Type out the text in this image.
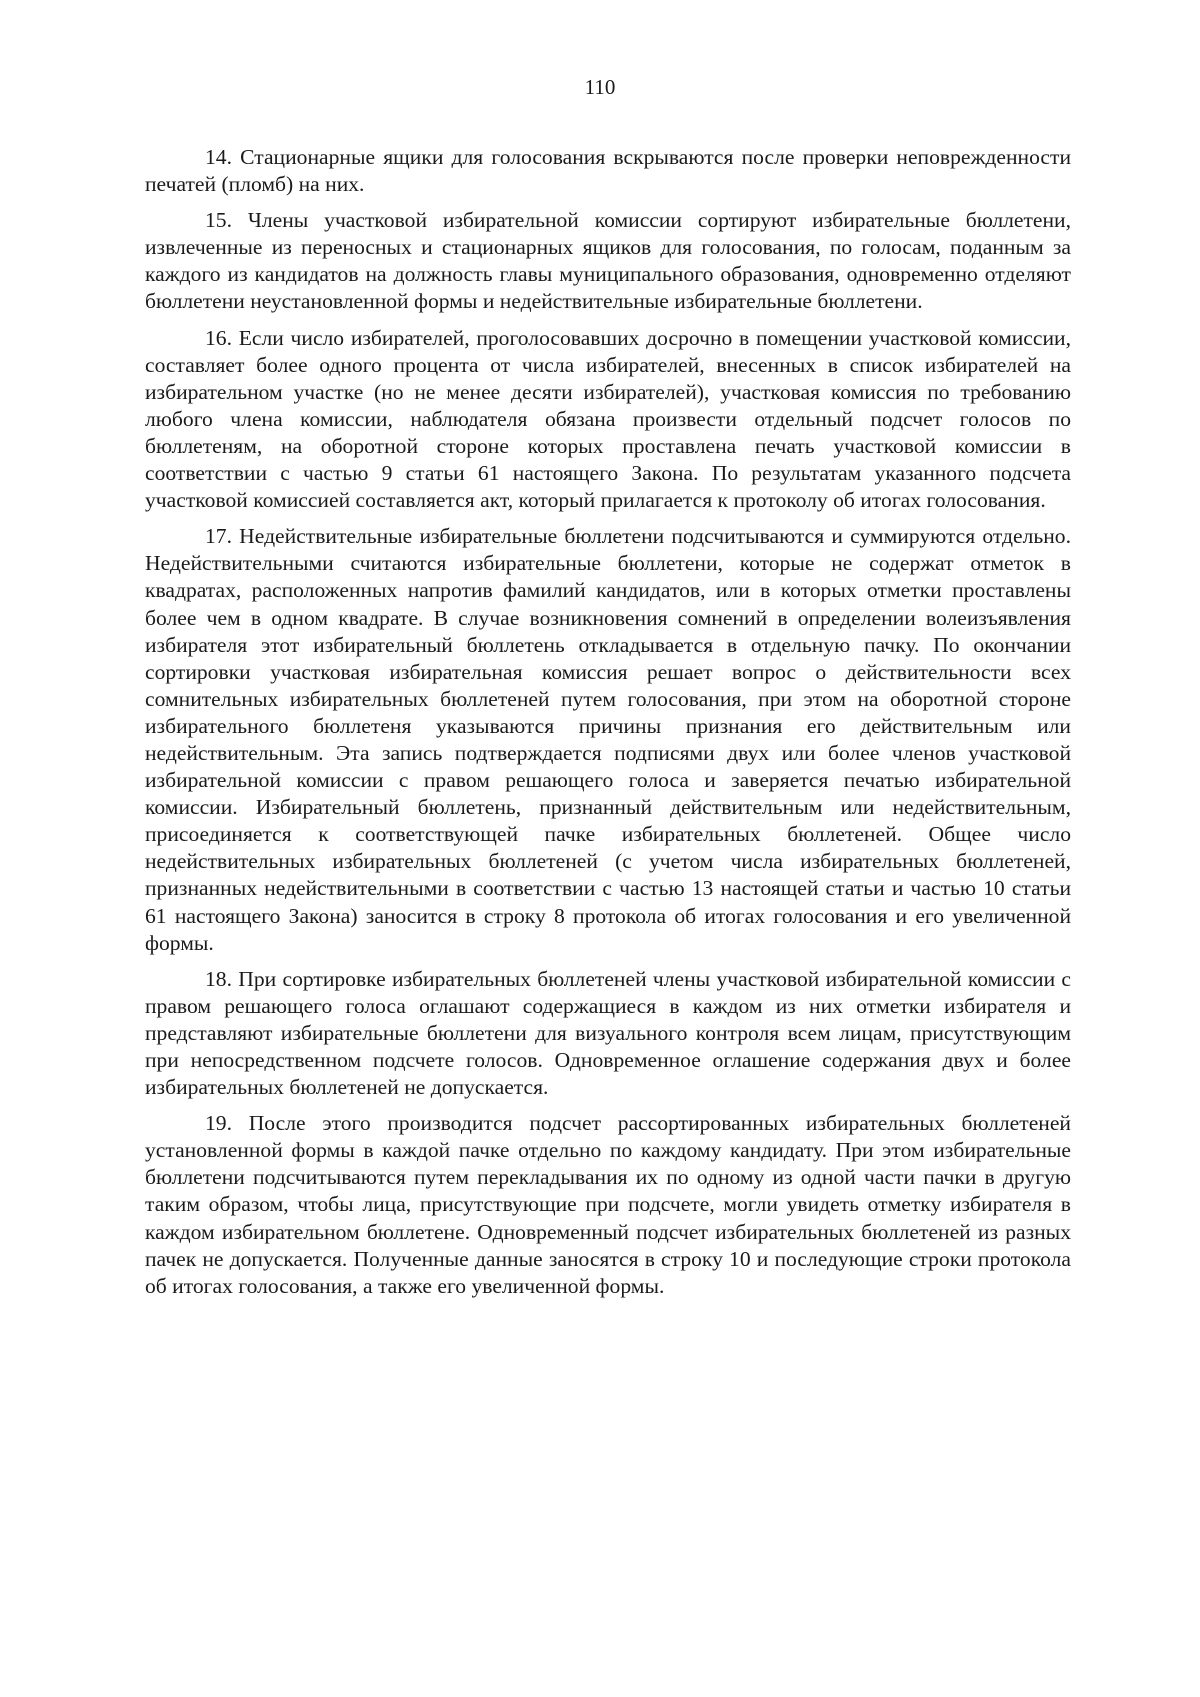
110

14. Стационарные ящики для голосования вскрываются после проверки неповрежденности печатей (пломб) на них.

15. Члены участковой избирательной комиссии сортируют избирательные бюллетени, извлеченные из переносных и стационарных ящиков для голосования, по голосам, поданным за каждого из кандидатов на должность главы муниципального образования, одновременно отделяют бюллетени неустановленной формы и недействительные избирательные бюллетени.

16. Если число избирателей, проголосовавших досрочно в помещении участковой комиссии, составляет более одного процента от числа избирателей, внесенных в список избирателей на избирательном участке (но не менее десяти избирателей), участковая комиссия по требованию любого члена комиссии, наблюдателя обязана произвести отдельный подсчет голосов по бюллетеням, на оборотной стороне которых проставлена печать участковой комиссии в соответствии с частью 9 статьи 61 настоящего Закона. По результатам указанного подсчета участковой комиссией составляется акт, который прилагается к протоколу об итогах голосования.

17. Недействительные избирательные бюллетени подсчитываются и суммируются отдельно. Недействительными считаются избирательные бюллетени, которые не содержат отметок в квадратах, расположенных напротив фамилий кандидатов, или в которых отметки проставлены более чем в одном квадрате. В случае возникновения сомнений в определении волеизъявления избирателя этот избирательный бюллетень откладывается в отдельную пачку. По окончании сортировки участковая избирательная комиссия решает вопрос о действительности всех сомнительных избирательных бюллетеней путем голосования, при этом на оборотной стороне избирательного бюллетеня указываются причины признания его действительным или недействительным. Эта запись подтверждается подписями двух или более членов участковой избирательной комиссии с правом решающего голоса и заверяется печатью избирательной комиссии. Избирательный бюллетень, признанный действительным или недействительным, присоединяется к соответствующей пачке избирательных бюллетеней. Общее число недействительных избирательных бюллетеней (с учетом числа избирательных бюллетеней, признанных недействительными в соответствии с частью 13 настоящей статьи и частью 10 статьи 61 настоящего Закона) заносится в строку 8 протокола об итогах голосования и его увеличенной формы.

18. При сортировке избирательных бюллетеней члены участковой избирательной комиссии с правом решающего голоса оглашают содержащиеся в каждом из них отметки избирателя и представляют избирательные бюллетени для визуального контроля всем лицам, присутствующим при непосредственном подсчете голосов. Одновременное оглашение содержания двух и более избирательных бюллетеней не допускается.

19. После этого производится подсчет рассортированных избирательных бюллетеней установленной формы в каждой пачке отдельно по каждому кандидату. При этом избирательные бюллетени подсчитываются путем перекладывания их по одному из одной части пачки в другую таким образом, чтобы лица, присутствующие при подсчете, могли увидеть отметку избирателя в каждом избирательном бюллетене. Одновременный подсчет избирательных бюллетеней из разных пачек не допускается. Полученные данные заносятся в строку 10 и последующие строки протокола об итогах голосования, а также его увеличенной формы.
